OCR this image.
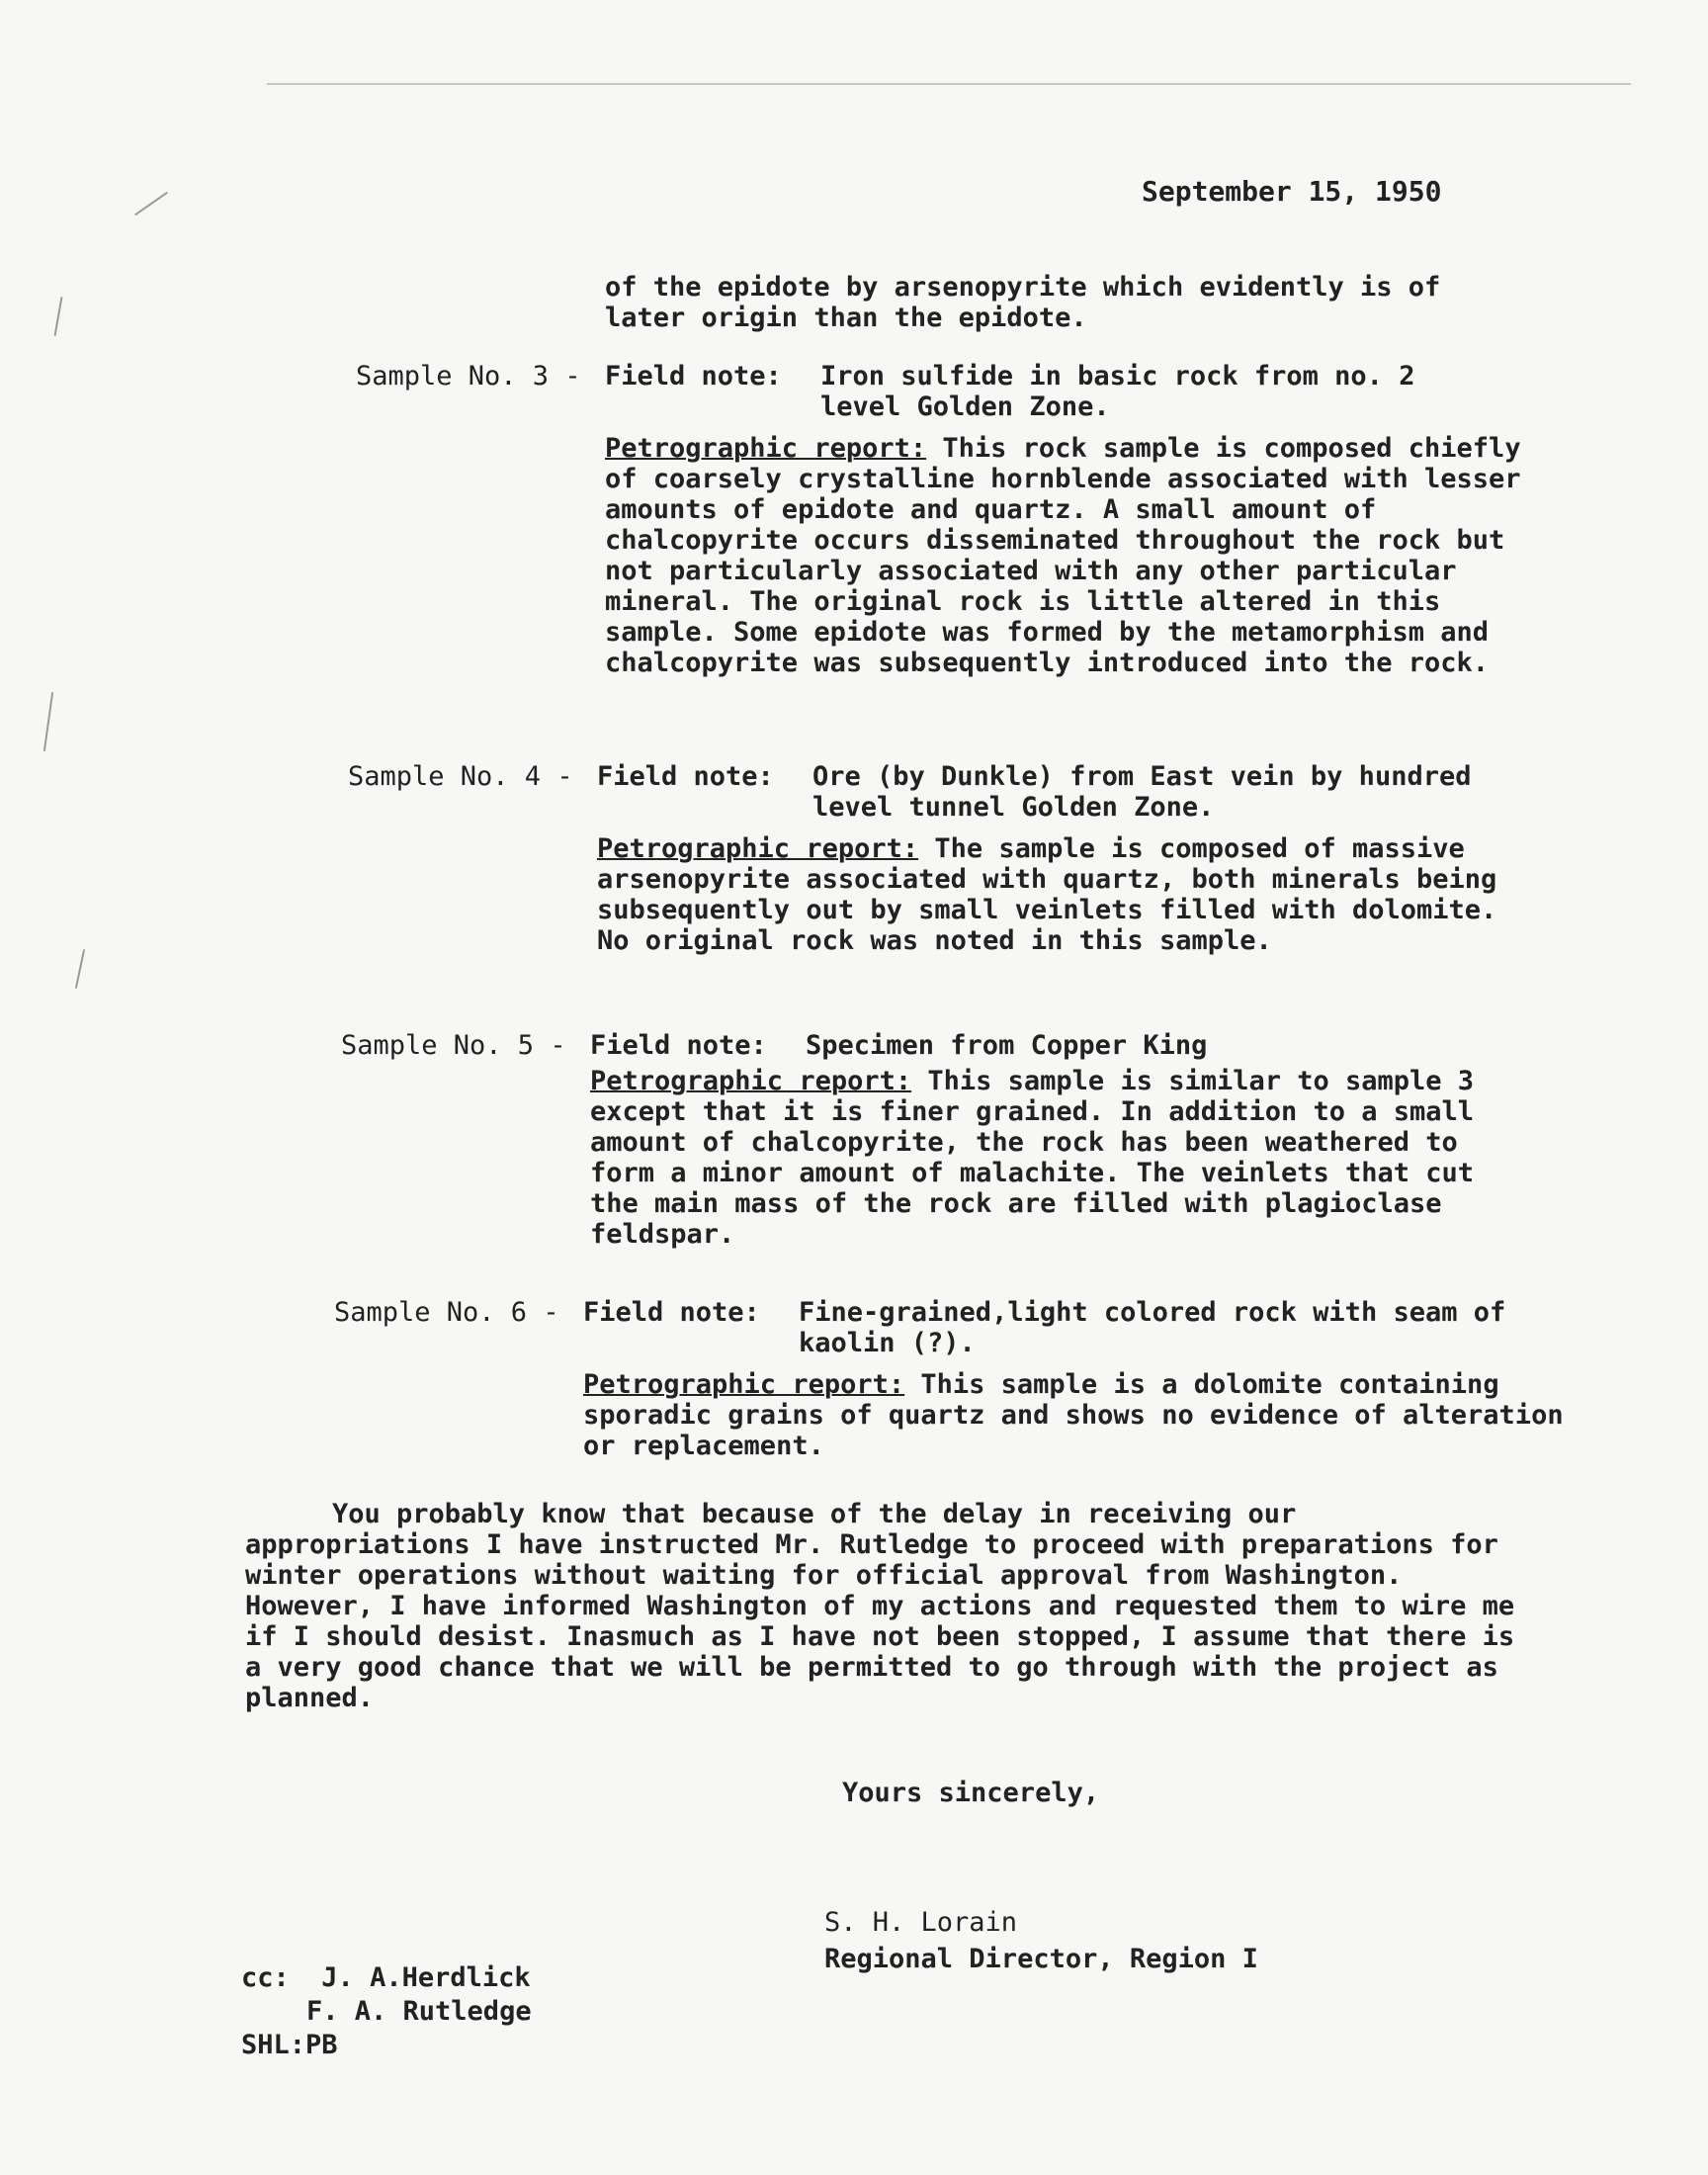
September 15, 1950
of the epidote by arsenopyrite which evidently is of later origin than the epidote.
Sample No. 3 - Field note: Iron sulfide in basic rock from no. 2 level Golden Zone.
Petrographic report: This rock sample is composed chiefly of coarsely crystalline hornblende associated with lesser amounts of epidote and quartz. A small amount of chalcopyrite occurs disseminated throughout the rock but not particularly associated with any other particular mineral. The original rock is little altered in this sample. Some epidote was formed by the metamorphism and chalcopyrite was subsequently introduced into the rock.
Sample No. 4 - Field note: Ore (by Dunkle) from East vein by hundred level tunnel Golden Zone.
Petrographic report: The sample is composed of massive arsenopyrite associated with quartz, both minerals being subsequently out by small veinlets filled with dolomite. No original rock was noted in this sample.
Sample No. 5 - Field note: Specimen from Copper King
Petrographic report: This sample is similar to sample 3 except that it is finer grained. In addition to a small amount of chalcopyrite, the rock has been weathered to form a minor amount of malachite. The veinlets that cut the main mass of the rock are filled with plagioclase feldspar.
Sample No. 6 - Field note: Fine-grained,light colored rock with seam of kaolin (?).
Petrographic report: This sample is a dolomite containing sporadic grains of quartz and shows no evidence of alteration or replacement.
You probably know that because of the delay in receiving our appropriations I have instructed Mr. Rutledge to proceed with preparations for winter operations without waiting for official approval from Washington. However, I have informed Washington of my actions and requested them to wire me if I should desist. Inasmuch as I have not been stopped, I assume that there is a very good chance that we will be permitted to go through with the project as planned.
Yours sincerely,
S. H. Lorain
Regional Director, Region I
cc: J. A.Herdlick
F. A. Rutledge
SHL:PB
